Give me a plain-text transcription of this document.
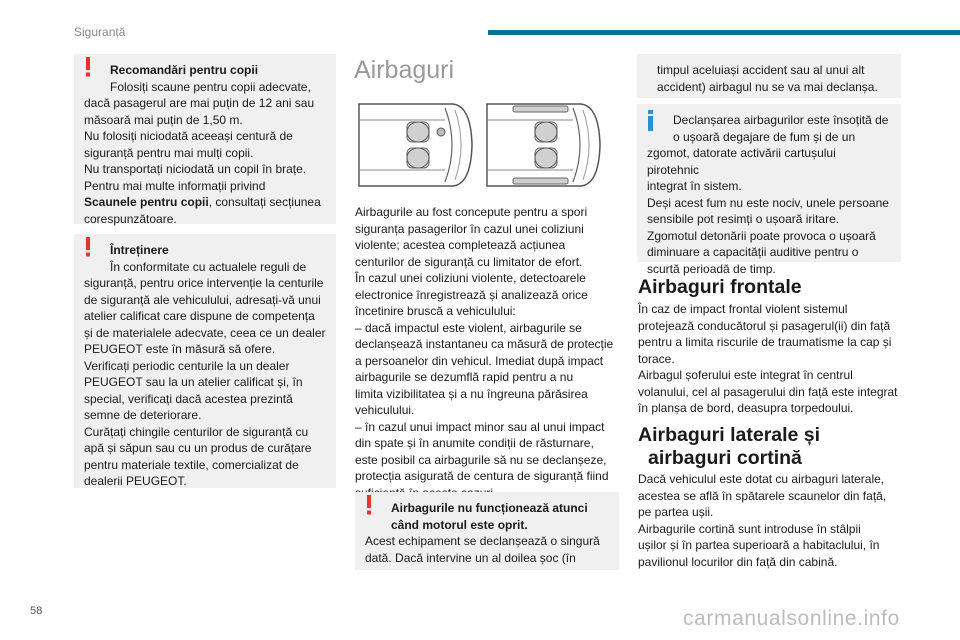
Siguranță
Recomandări pentru copii
Folosiți scaune pentru copii adecvate,

dacă pasagerul are mai puțin de 12 ani sau
măsoară mai puțin de 1,50 m.
Nu folosiți niciodată aceeași centură de
siguranță pentru mai mulți copii.
Nu transportați niciodată un copil în brațe.
Pentru mai multe informații privind
Scaunele pentru copii, consultați secțiunea
corespunzătoare.

Întreținere
În conformitate cu actualele reguli de

siguranță, pentru orice intervenție la centurile
de siguranță ale vehiculului, adresați-vă unui
atelier calificat care dispune de competența
și de materialele adecvate, ceea ce un dealer
PEUGEOT este în măsură să ofere.
Verificați periodic centurile la un dealer
PEUGEOT sau la un atelier calificat și, în
special, verificați dacă acestea prezintă
semne de deteriorare.
Curățați chingile centurilor de siguranță cu
apă și săpun sau cu un produs de curățare
pentru materiale textile, comercializat de
dealerii PEUGEOT.

Airbaguri

Airbagurile au fost concepute pentru a spori
siguranța pasagerilor în cazul unei coliziuni
violente; acestea completează acțiunea
centurilor de siguranță cu limitator de efort.
În cazul unei coliziuni violente, detectoarele
electronice înregistrează și analizează orice
încetinire bruscă a vehiculului:
– dacă impactul este violent, airbagurile se
declanșează instantaneu ca măsură de protecție
a persoanelor din vehicul. Imediat după impact
airbagurile se dezumflă rapid pentru a nu
limita vizibilitatea și a nu îngreuna părăsirea
vehiculului.
– în cazul unui impact minor sau al unui impact
din spate și în anumite condiții de răsturnare,
este posibil ca airbagurile să nu se declanșeze,
protecția asigurată de centura de siguranță fiind

Airbagurile nu funcționează atunci când motorul este oprit.

Acest echipament se declanșează o singură
dată. Dacă intervine un al doilea șoc (în

timpul aceluiași accident sau al unui alt
accident) airbagul nu se va mai declanșa.

Declanșarea airbagurilor este însoțită de
o ușoară degajare de fum și de un

zgomot, datorate activării cartușului pirotehnic
integrat în sistem.
Deși acest fum nu este nociv, unele persoane
sensibile pot resimți o ușoară iritare.
Zgomotul detonării poate provoca o ușoară
diminuare a capacității auditive pentru o
scurtă perioadă de timp.

Airbaguri frontale

În caz de impact frontal violent sistemul
protejează conducătorul și pasagerul(ii) din față
pentru a limita riscurile de traumatisme la cap și
torace.
Airbagul șoferului este integrat în centrul
volanului, cel al pasagerului din față este integrat
în planșa de bord, deasupra torpedoului.

Airbaguri laterale și
airbaguri cortină

Dacă vehiculul este dotat cu airbaguri laterale,
acestea se află în spătarele scaunelor din față,
pe partea ușii.
Airbagurile cortină sunt introduse în stâlpii
ușilor și în partea superioară a habitaclului, în
pavilionul locurilor din față din cabină.

58	carmanualsonline.info
